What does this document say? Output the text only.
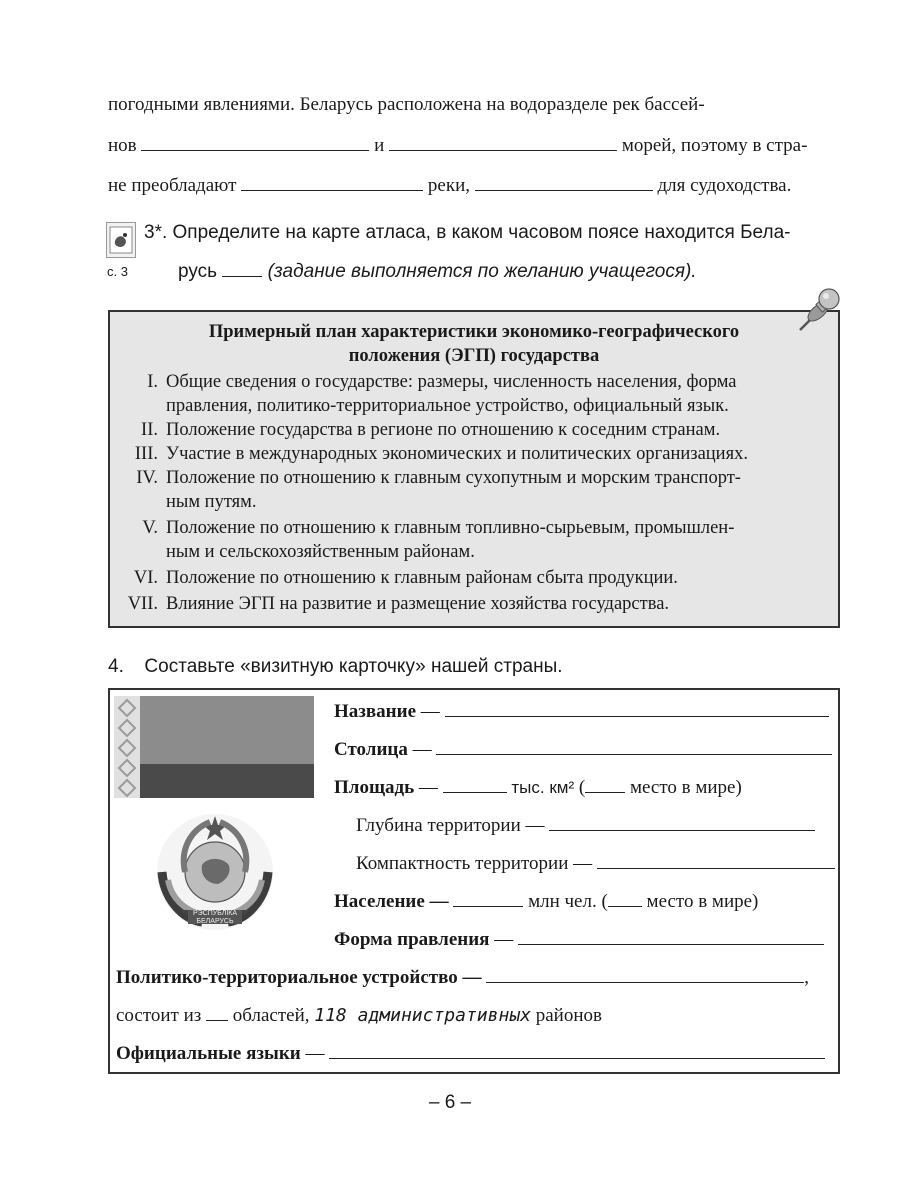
погодными явлениями. Беларусь расположена на водоразделе рек бассей-
нов	и	морей, поэтому в стра-
не преобладают	реки,	для судоходства.
с. 3
3*. Определите на карте атласа, в каком часовом поясе находится Бела-
русь	(задание выполняется по желанию учащегося).
Примерный план характеристики экономико-географического
положения (ЭГП) государства
I. Общие сведения о государстве: размеры, численность населения, форма
правления, политико-территориальное устройство, официальный язык.
II. Положение государства в регионе по отношению к соседним странам.
III. Участие в международных экономических и политических организациях.
IV. Положение по отношению к главным сухопутным и морским транспорт-
ным путям.
V. Положение по отношению к главным топливно-сырьевым, промышлен-
ным и сельскохозяйственным районам.
VI. Положение по отношению к главным районам сбыта продукции.
VII. Влияние ЭГП на развитие и размещение хозяйства государства.
4. Составьте «визитную карточку» нашей страны.
РЭСПУБЛІКА БЕЛАРУСЬ
Название —
Столица —
Площадь —	тыс. км² ( место в мире)
Глубина территории —
Компактность территории —
Население —	млн чел. ( место в мире)
Форма правления —
Политико-территориальное устройство —	,
состоит из областей, 118 административных районов
Официальные языки —
– 6 –
